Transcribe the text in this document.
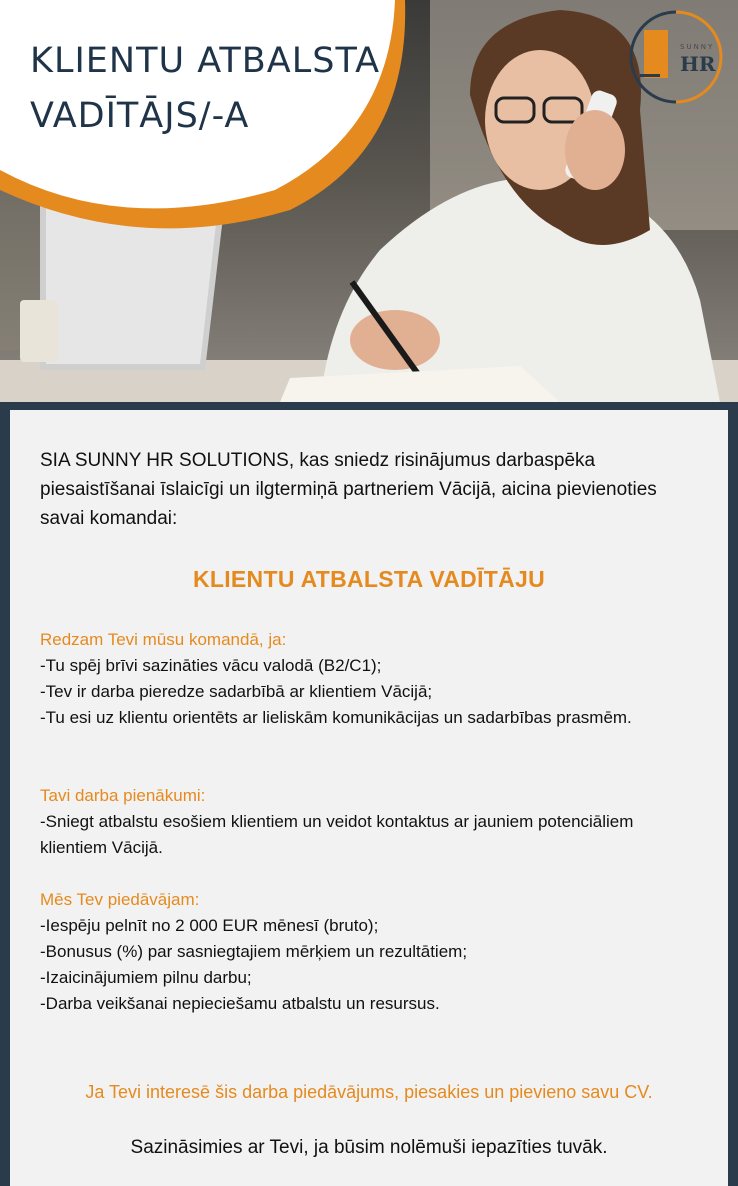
KLIENTU ATBALSTA
VADĪTĀJS/-A
SUNNY
HR

SIA SUNNY HR SOLUTIONS, kas sniedz risinājumus darbaspēka piesaistīšanai īslaicīgi un ilgtermiņā partneriem Vācijā, aicina pievienoties savai komandai:

KLIENTU ATBALSTA VADĪTĀJU

Redzam Tevi mūsu komandā, ja:

-Tu spēj brīvi sazināties vācu valodā (B2/C1);

-Tev ir darba pieredze sadarbībā ar klientiem Vācijā;

-Tu esi uz klientu orientēts ar lieliskām komunikācijas un sadarbības prasmēm.

Tavi darba pienākumi:

-Sniegt atbalstu esošiem klientiem un veidot kontaktus ar jauniem potenciāliem klientiem Vācijā.

Mēs Tev piedāvājam:

-Iespēju pelnīt no 2 000 EUR mēnesī (bruto);

-Bonusus (%) par sasniegtajiem mērķiem un rezultātiem;

-Izaicinājumiem pilnu darbu;

-Darba veikšanai nepieciešamu atbalstu un resursus.

Ja Tevi interesē šis darba piedāvājums, piesakies un pievieno savu CV.

Sazināsimies ar Tevi, ja būsim nolēmuši iepazīties tuvāk.
